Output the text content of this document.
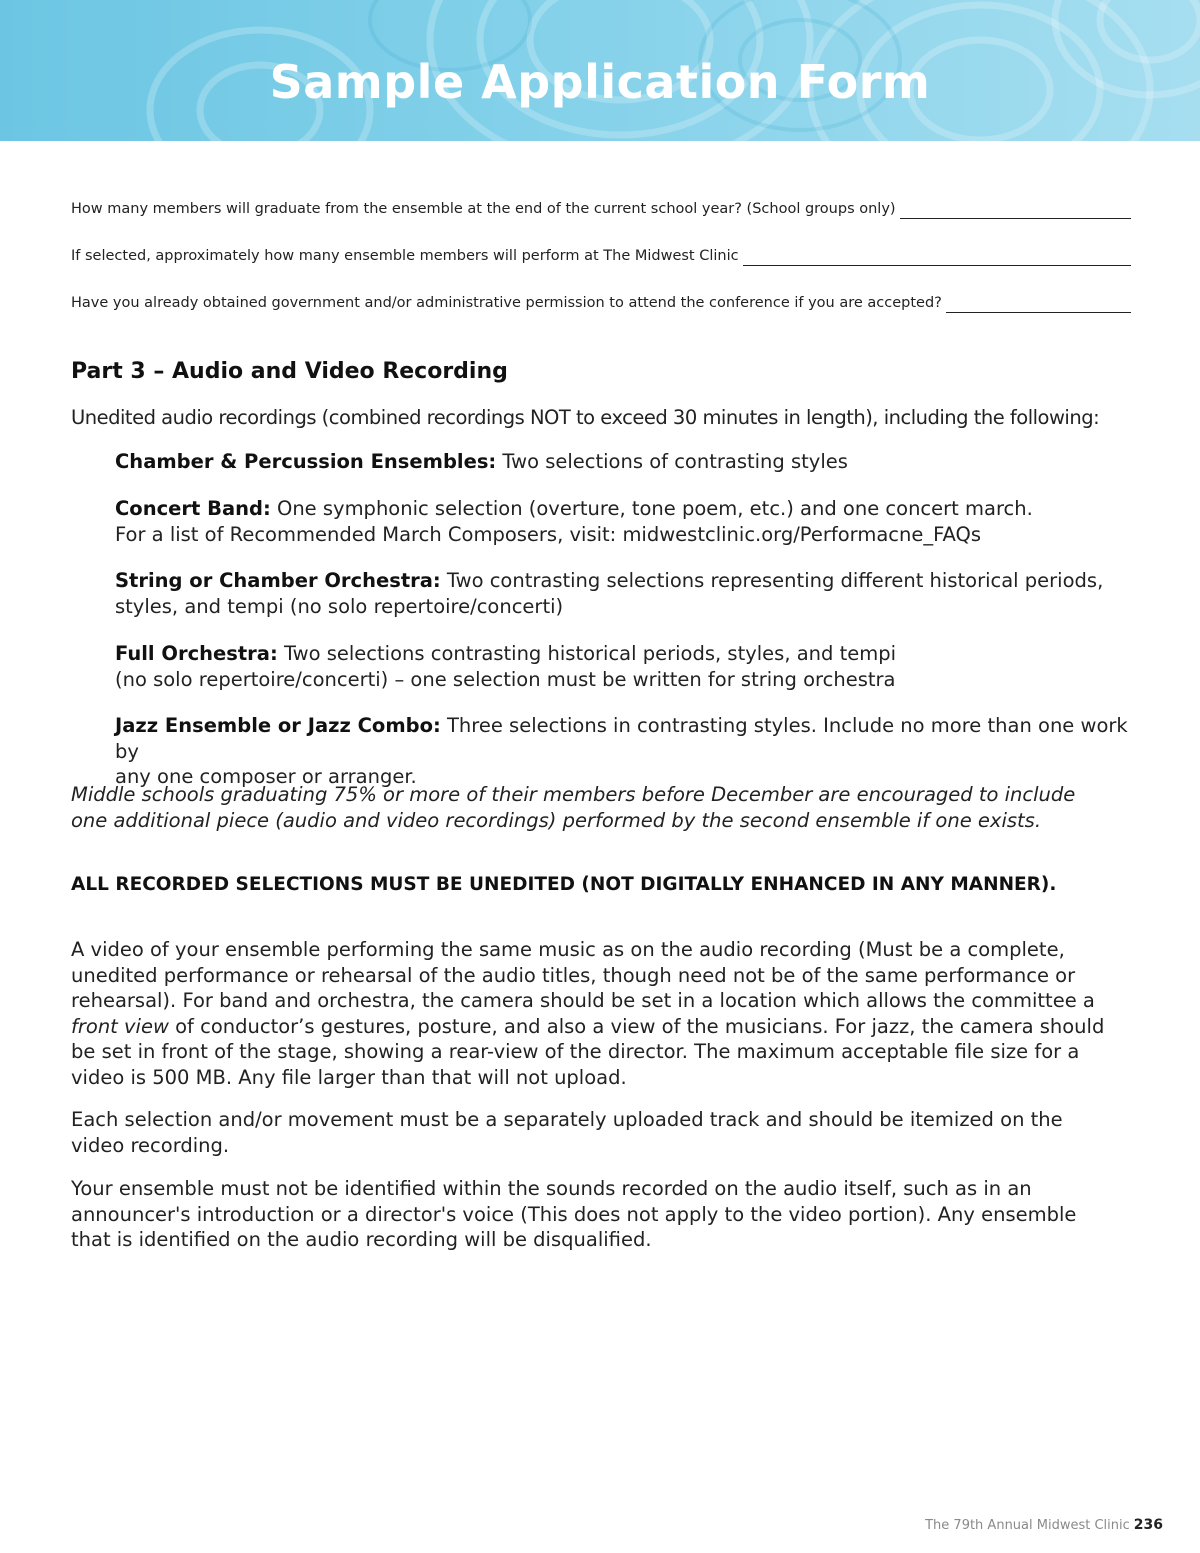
Sample Application Form
How many members will graduate from the ensemble at the end of the current school year? (School groups only)
If selected, approximately how many ensemble members will perform at The Midwest Clinic
Have you already obtained government and/or administrative permission to attend the conference if you are accepted?
Part 3 – Audio and Video Recording
Unedited audio recordings (combined recordings NOT to exceed 30 minutes in length), including the following:
Chamber & Percussion Ensembles: Two selections of contrasting styles
Concert Band: One symphonic selection (overture, tone poem, etc.) and one concert march.
For a list of Recommended March Composers, visit: midwestclinic.org/Performacne_FAQs
String or Chamber Orchestra: Two contrasting selections representing different historical periods,
styles, and tempi (no solo repertoire/concerti)
Full Orchestra: Two selections contrasting historical periods, styles, and tempi
(no solo repertoire/concerti) – one selection must be written for string orchestra
Jazz Ensemble or Jazz Combo: Three selections in contrasting styles. Include no more than one work by
any one composer or arranger.
Middle schools graduating 75% or more of their members before December are encouraged to include
one additional piece (audio and video recordings) performed by the second ensemble if one exists.
ALL RECORDED SELECTIONS MUST BE UNEDITED (NOT DIGITALLY ENHANCED IN ANY MANNER).
A video of your ensemble performing the same music as on the audio recording (Must be a complete,
unedited performance or rehearsal of the audio titles, though need not be of the same performance or
rehearsal). For band and orchestra, the camera should be set in a location which allows the committee a
front view of conductor’s gestures, posture, and also a view of the musicians. For jazz, the camera should
be set in front of the stage, showing a rear-view of the director. The maximum acceptable file size for a
video is 500 MB. Any file larger than that will not upload.
Each selection and/or movement must be a separately uploaded track and should be itemized on the
video recording.
Your ensemble must not be identified within the sounds recorded on the audio itself, such as in an
announcer's introduction or a director's voice (This does not apply to the video portion). Any ensemble
that is identified on the audio recording will be disqualified.
The 79th Annual Midwest Clinic 236
